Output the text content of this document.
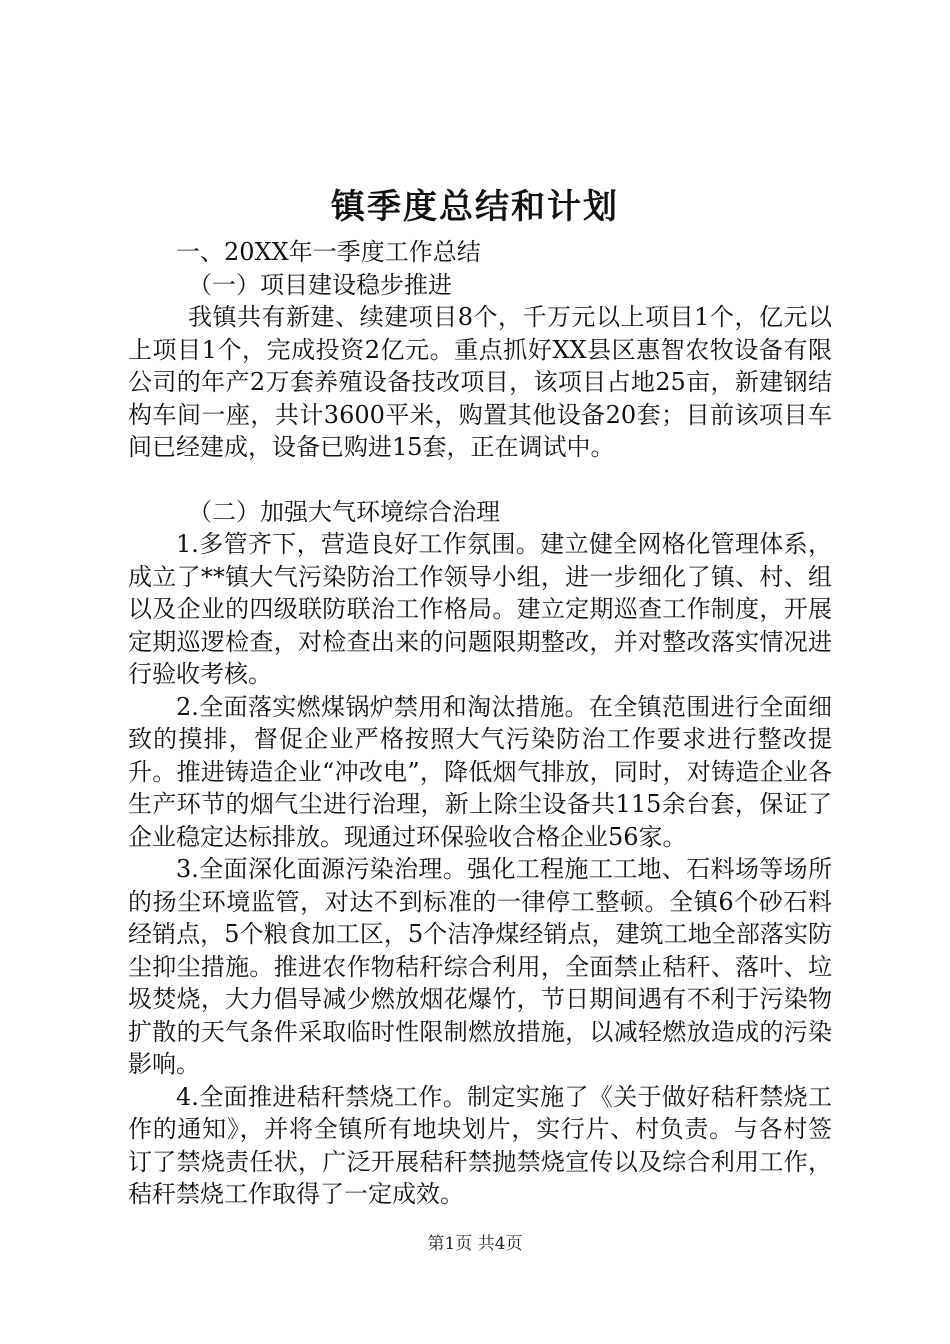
镇季度总结和计划

一、20XX年一季度工作总结

（一）项目建设稳步推进

我镇共有新建、续建项目8个，千万元以上项目1个，亿元以上项目1个，完成投资2亿元。重点抓好XX县区惠智农牧设备有限公司的年产2万套养殖设备技改项目，该项目占地25亩，新建钢结构车间一座，共计3600平米，购置其他设备20套；目前该项目车间已经建成，设备已购进15套，正在调试中。

（二）加强大气环境综合治理

1.多管齐下，营造良好工作氛围。建立健全网格化管理体系，成立了**镇大气污染防治工作领导小组，进一步细化了镇、村、组以及企业的四级联防联治工作格局。建立定期巡查工作制度，开展定期巡逻检查，对检查出来的问题限期整改，并对整改落实情况进行验收考核。

2.全面落实燃煤锅炉禁用和淘汰措施。在全镇范围进行全面细致的摸排，督促企业严格按照大气污染防治工作要求进行整改提升。推进铸造企业“冲改电”，降低烟气排放，同时，对铸造企业各生产环节的烟气尘进行治理，新上除尘设备共115余台套，保证了企业稳定达标排放。现通过环保验收合格企业56家。

3.全面深化面源污染治理。强化工程施工工地、石料场等场所的扬尘环境监管，对达不到标准的一律停工整顿。全镇6个砂石料经销点，5个粮食加工区，5个洁净煤经销点，建筑工地全部落实防尘抑尘措施。推进农作物秸秆综合利用，全面禁止秸秆、落叶、垃圾焚烧，大力倡导减少燃放烟花爆竹，节日期间遇有不利于污染物扩散的天气条件采取临时性限制燃放措施，以减轻燃放造成的污染影响。

4.全面推进秸秆禁烧工作。制定实施了《关于做好秸秆禁烧工作的通知》，并将全镇所有地块划片，实行片、村负责。与各村签订了禁烧责任状，广泛开展秸秆禁抛禁烧宣传以及综合利用工作，秸秆禁烧工作取得了一定成效。

第1页 共4页
